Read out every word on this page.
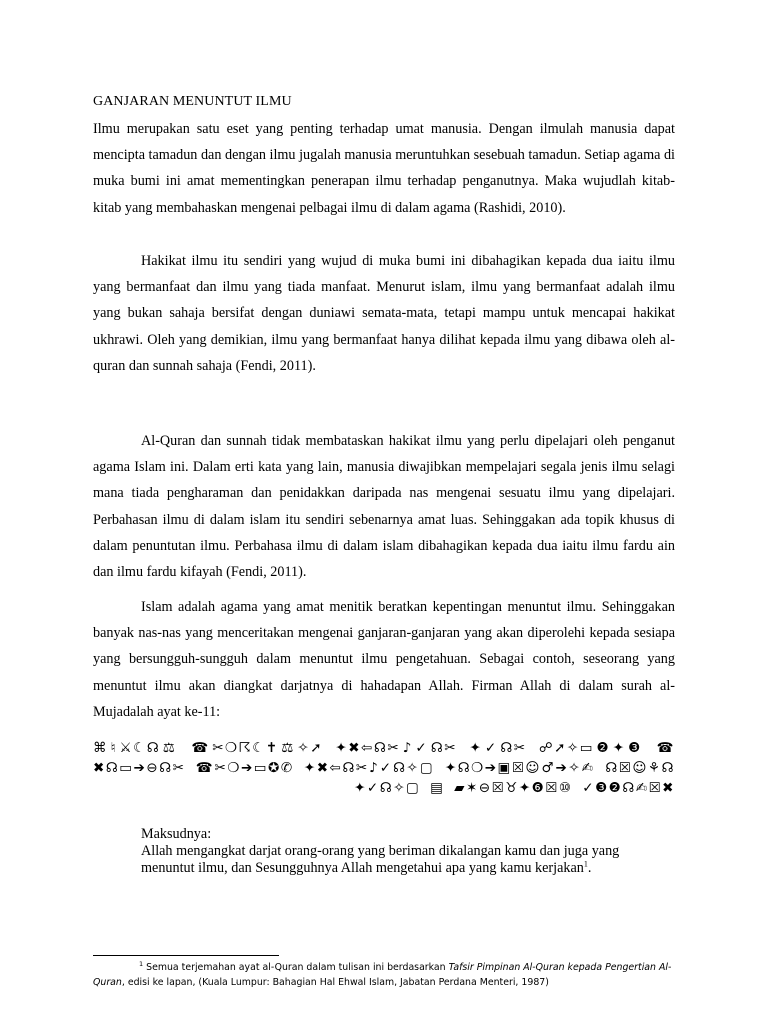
GANJARAN MENUNTUT ILMU

Ilmu merupakan satu eset yang penting terhadap umat manusia. Dengan ilmulah manusia dapat mencipta tamadun dan dengan ilmu jugalah manusia meruntuhkan sesebuah tamadun. Setiap agama di muka bumi ini amat mementingkan penerapan ilmu terhadap penganutnya. Maka wujudlah kitab-kitab yang membahaskan mengenai pelbagai ilmu di dalam agama (Rashidi, 2010).

Hakikat ilmu itu sendiri yang wujud di muka bumi ini dibahagikan kepada dua iaitu ilmu yang bermanfaat dan ilmu yang tiada manfaat. Menurut islam, ilmu yang bermanfaat adalah ilmu yang bukan sahaja bersifat dengan duniawi semata-mata, tetapi mampu untuk mencapai hakikat ukhrawi. Oleh yang demikian, ilmu yang bermanfaat hanya dilihat kepada ilmu yang dibawa oleh al-quran dan sunnah sahaja (Fendi, 2011).

Al-Quran dan sunnah tidak membataskan hakikat ilmu yang perlu dipelajari oleh penganut agama Islam ini. Dalam erti kata yang lain, manusia diwajibkan mempelajari segala jenis ilmu selagi mana tiada pengharaman dan penidakkan daripada nas mengenai sesuatu ilmu yang dipelajari. Perbahasan ilmu di dalam islam itu sendiri sebenarnya amat luas. Sehinggakan ada topik khusus di dalam penuntutan ilmu. Perbahasa ilmu di dalam islam dibahagikan kepada dua iaitu ilmu fardu ain dan ilmu fardu kifayah (Fendi, 2011).

Islam adalah agama yang amat menitik beratkan kepentingan menuntut ilmu. Sehinggakan banyak nas-nas yang menceritakan mengenai ganjaran-ganjaran yang akan diperolehi kepada sesiapa yang bersungguh-sungguh dalam menuntut ilmu pengetahuan. Sebagai contoh, seseorang yang menuntut ilmu akan diangkat darjatnya di hahadapan Allah. Firman Allah di dalam surah al-Mujadalah ayat ke-11:

⌘♮⚔☾☊⚖ ☎✂❍☈☾✝⚖✧➚ ✦✖⇦☊✂♪✓☊✂ ✦✓☊✂ ☍➚✧▭❷✦❸ ☎ ✖☊▭➔⊖☊✂ ☎✂❍➔▭✪✆ ✦✖⇦☊✂♪✓☊✧▢ ✦☊❍➔▣☒☺♂➔✧✍ ☊☒☺⚘☊ ✦✓☊✧▢ ▤ ▰✶⊖☒♉✦❻☒⑩ ✓❸❷☊✍☒✖

Maksudnya:
Allah mengangkat darjat orang-orang yang beriman dikalangan kamu dan juga yang menuntut ilmu, dan Sesungguhnya Allah mengetahui apa yang kamu kerjakan$^1$.

$^1$ Semua terjemahan ayat al-Quran dalam tulisan ini berdasarkan Tafsir Pimpinan Al-Quran kepada Pengertian Al-Quran, edisi ke lapan, (Kuala Lumpur: Bahagian Hal Ehwal Islam, Jabatan Perdana Menteri, 1987)
